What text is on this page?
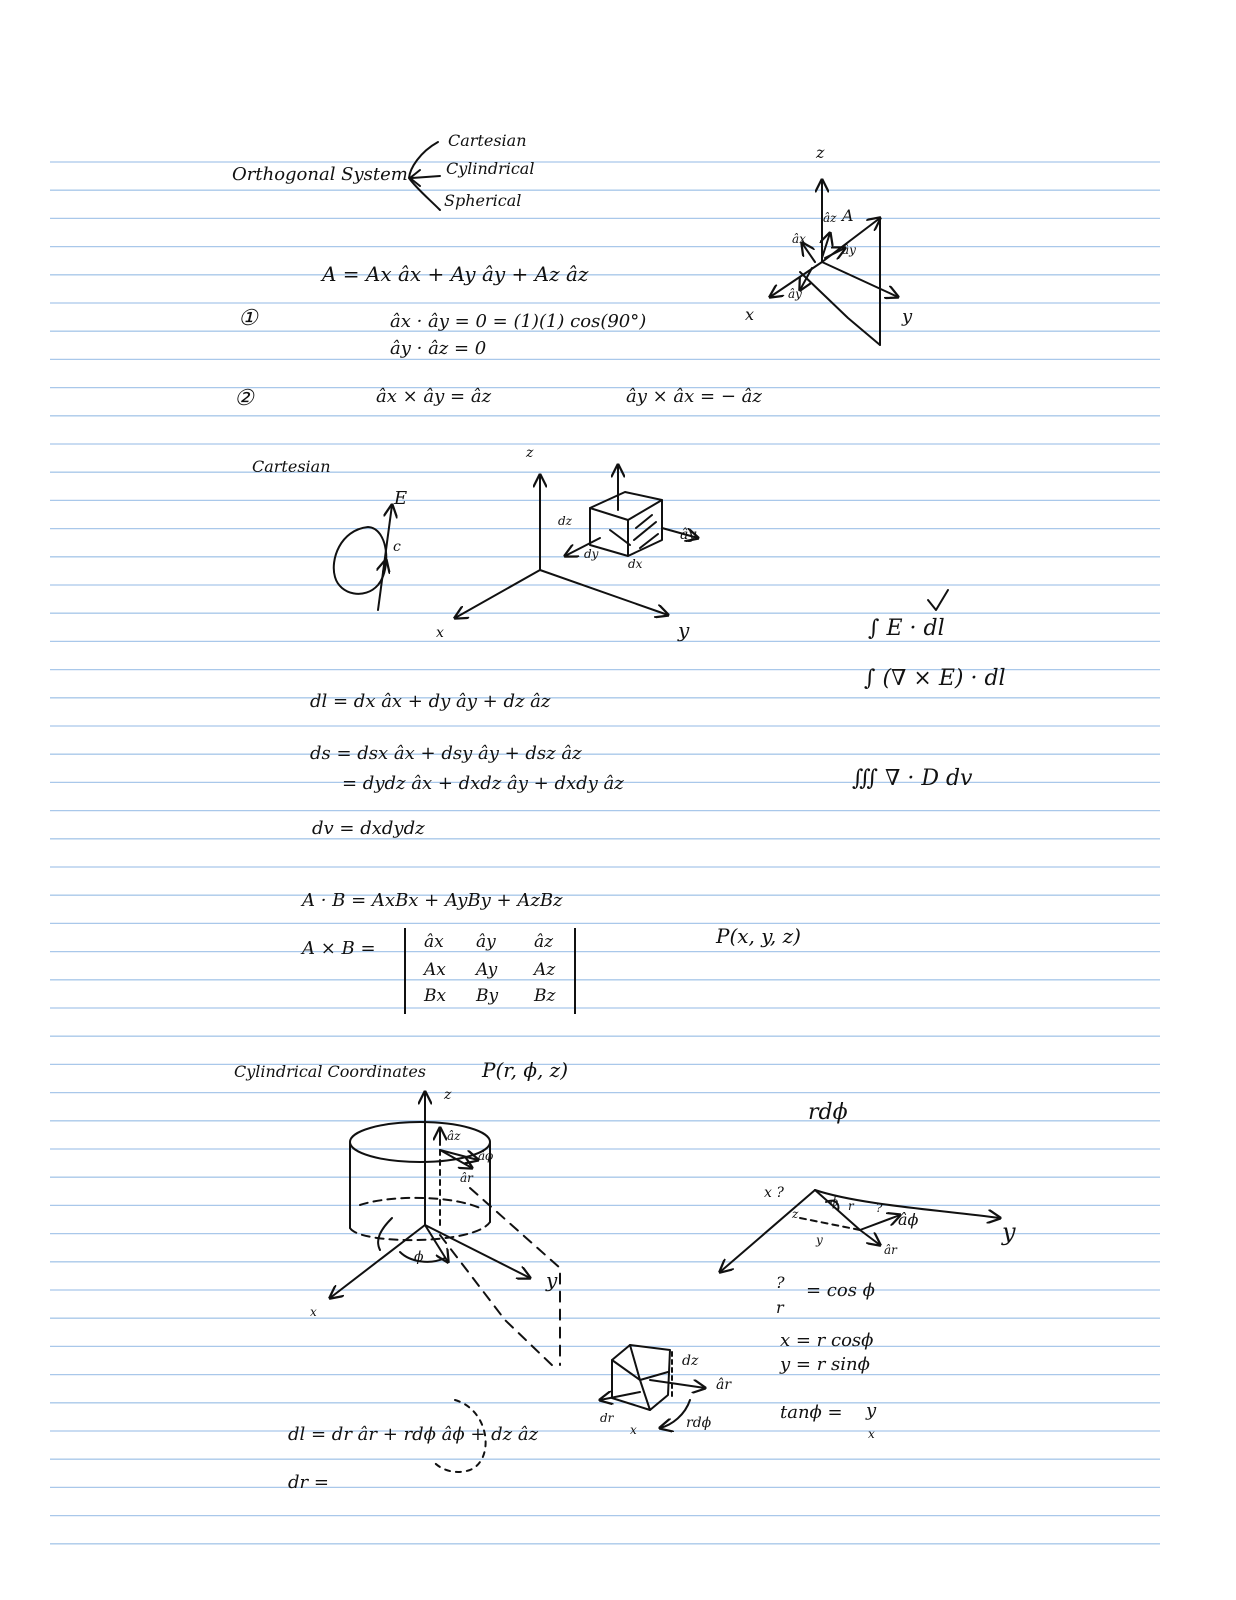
Orthogonal System

Cartesian

Cylindrical

Spherical

z

x	y

âz A

âx

ây

ây

A = Ax âx + Ay ây + Az âz

①	âx · ây = 0 = (1)(1) cos(90°)

ây · âz = 0

②	âx × ây = âz	ây × âx = − âz

Cartesian

E

c

z

x	y

dz

dy

dx

ây

dl = dx âx + dy ây + dz âz

ds = dsx âx + dsy ây + dsz âz

= dydz âx + dxdz ây + dxdy âz

dv = dxdydz

A · B = AxBx + AyBy + AzBz

A × B =	âx ây âz
Ax Ay Az
Bx By Bz

P(x, y, z)

∫ E · dl

∫ (∇ × E) · dl

∭ ∇ · D dv

Cylindrical Coordinates	P(r, ϕ, z)

z

x

y

âz

âϕ

âr

ϕ

rdϕ

x ?

ϕ r

y

z	?

âϕ

âr

y

?

r

= cos ϕ

x = r cosϕ

y = r sinϕ

tanϕ = y

x

dz

âr

dr

x	rdϕ

dl = dr âr + rdϕ âϕ + dz âz

dr =
